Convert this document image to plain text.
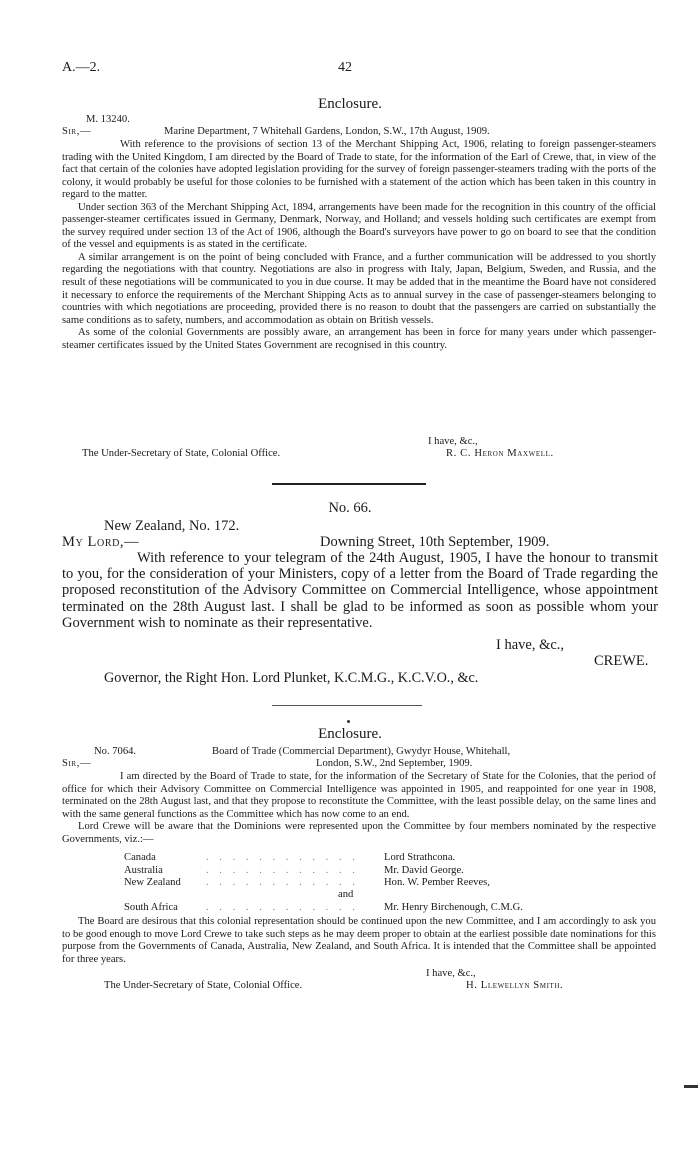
A.—2.	42
Enclosure.
M. 13240.
Sir,—	Marine Department, 7 Whitehall Gardens, London, S.W., 17th August, 1909.

With reference to the provisions of section 13 of the Merchant Shipping Act, 1906, relating to foreign passenger-steamers trading with the United Kingdom, I am directed by the Board of Trade to state, for the information of the Earl of Crewe, that, in view of the fact that certain of the colonies have adopted legislation providing for the survey of foreign passenger-steamers trading with the ports of the colony, it would probably be useful for those colonies to be furnished with a statement of the action which has been taken in this country in regard to the matter.

Under section 363 of the Merchant Shipping Act, 1894, arrangements have been made for the recognition in this country of the official passenger-steamer certificates issued in Germany, Denmark, Norway, and Holland; and vessels holding such certificates are exempt from the survey required under section 13 of the Act of 1906, although the Board's surveyors have power to go on board to see that the condition of the vessel and equipments is as stated in the certificate.

A similar arrangement is on the point of being concluded with France, and a further communication will be addressed to you shortly regarding the negotiations with that country. Negotiations are also in progress with Italy, Japan, Belgium, Sweden, and Russia, and the result of these negotiations will be communicated to you in due course. It may be added that in the meantime the Board have not considered it necessary to enforce the requirements of the Merchant Shipping Acts as to annual survey in the case of passenger-steamers belonging to countries with which negotiations are proceeding, provided there is no reason to doubt that the passengers are carried on substantially the same conditions as to safety, numbers, and accommodation as obtain on British vessels.

As some of the colonial Governments are possibly aware, an arrangement has been in force for many years under which passenger-steamer certificates issued by the United States Government are recognised in this country.

I have, &c.,
The Under-Secretary of State, Colonial Office.	R. C. Heron Maxwell.
No. 66.
New Zealand, No. 172.
My Lord,—	Downing Street, 10th September, 1909.

With reference to your telegram of the 24th August, 1905, I have the honour to transmit to you, for the consideration of your Ministers, copy of a letter from the Board of Trade regarding the proposed reconstitution of the Advisory Committee on Commercial Intelligence, whose appointment terminated on the 28th August last. I shall be glad to be informed as soon as possible whom your Government wish to nominate as their representative.

I have, &c.,
CREWE.
Governor, the Right Hon. Lord Plunket, K.C.M.G., K.C.V.O., &c.
Enclosure.
No. 7064.	Board of Trade (Commercial Department), Gwydyr House, Whitehall,
Sir,—	London, S.W., 2nd September, 1909.

I am directed by the Board of Trade to state, for the information of the Secretary of State for the Colonies, that the period of office for which their Advisory Committee on Commercial Intelligence was appointed in 1905, and reappointed for one year in 1908, terminated on the 28th August last, and that they propose to reconstitute the Committee, with the least possible delay, on the same lines and with the same general functions as the Committee which has now come to an end.

Lord Crewe will be aware that the Dominions were represented upon the Committee by four members nominated by the respective Governments, viz.:—

Canada	. . . . . . . . . . . . Lord Strathcona.
Australia	. . . . . . . . . . . . Mr. David George.
New Zealand . . . . . . . . . . . . Hon. W. Pember Reeves,
and
South Africa	. . . . . . . . . . . . Mr. Henry Birchenough, C.M.G.

The Board are desirous that this colonial representation should be continued upon the new Committee, and I am accordingly to ask you to be good enough to move Lord Crewe to take such steps as he may deem proper to obtain at the earliest possible date nominations for this purpose from the Governments of Canada, Australia, New Zealand, and South Africa. It is intended that the Committee shall be appointed for three years.

I have, &c.,
The Under-Secretary of State, Colonial Office.	H. Llewellyn Smith.
